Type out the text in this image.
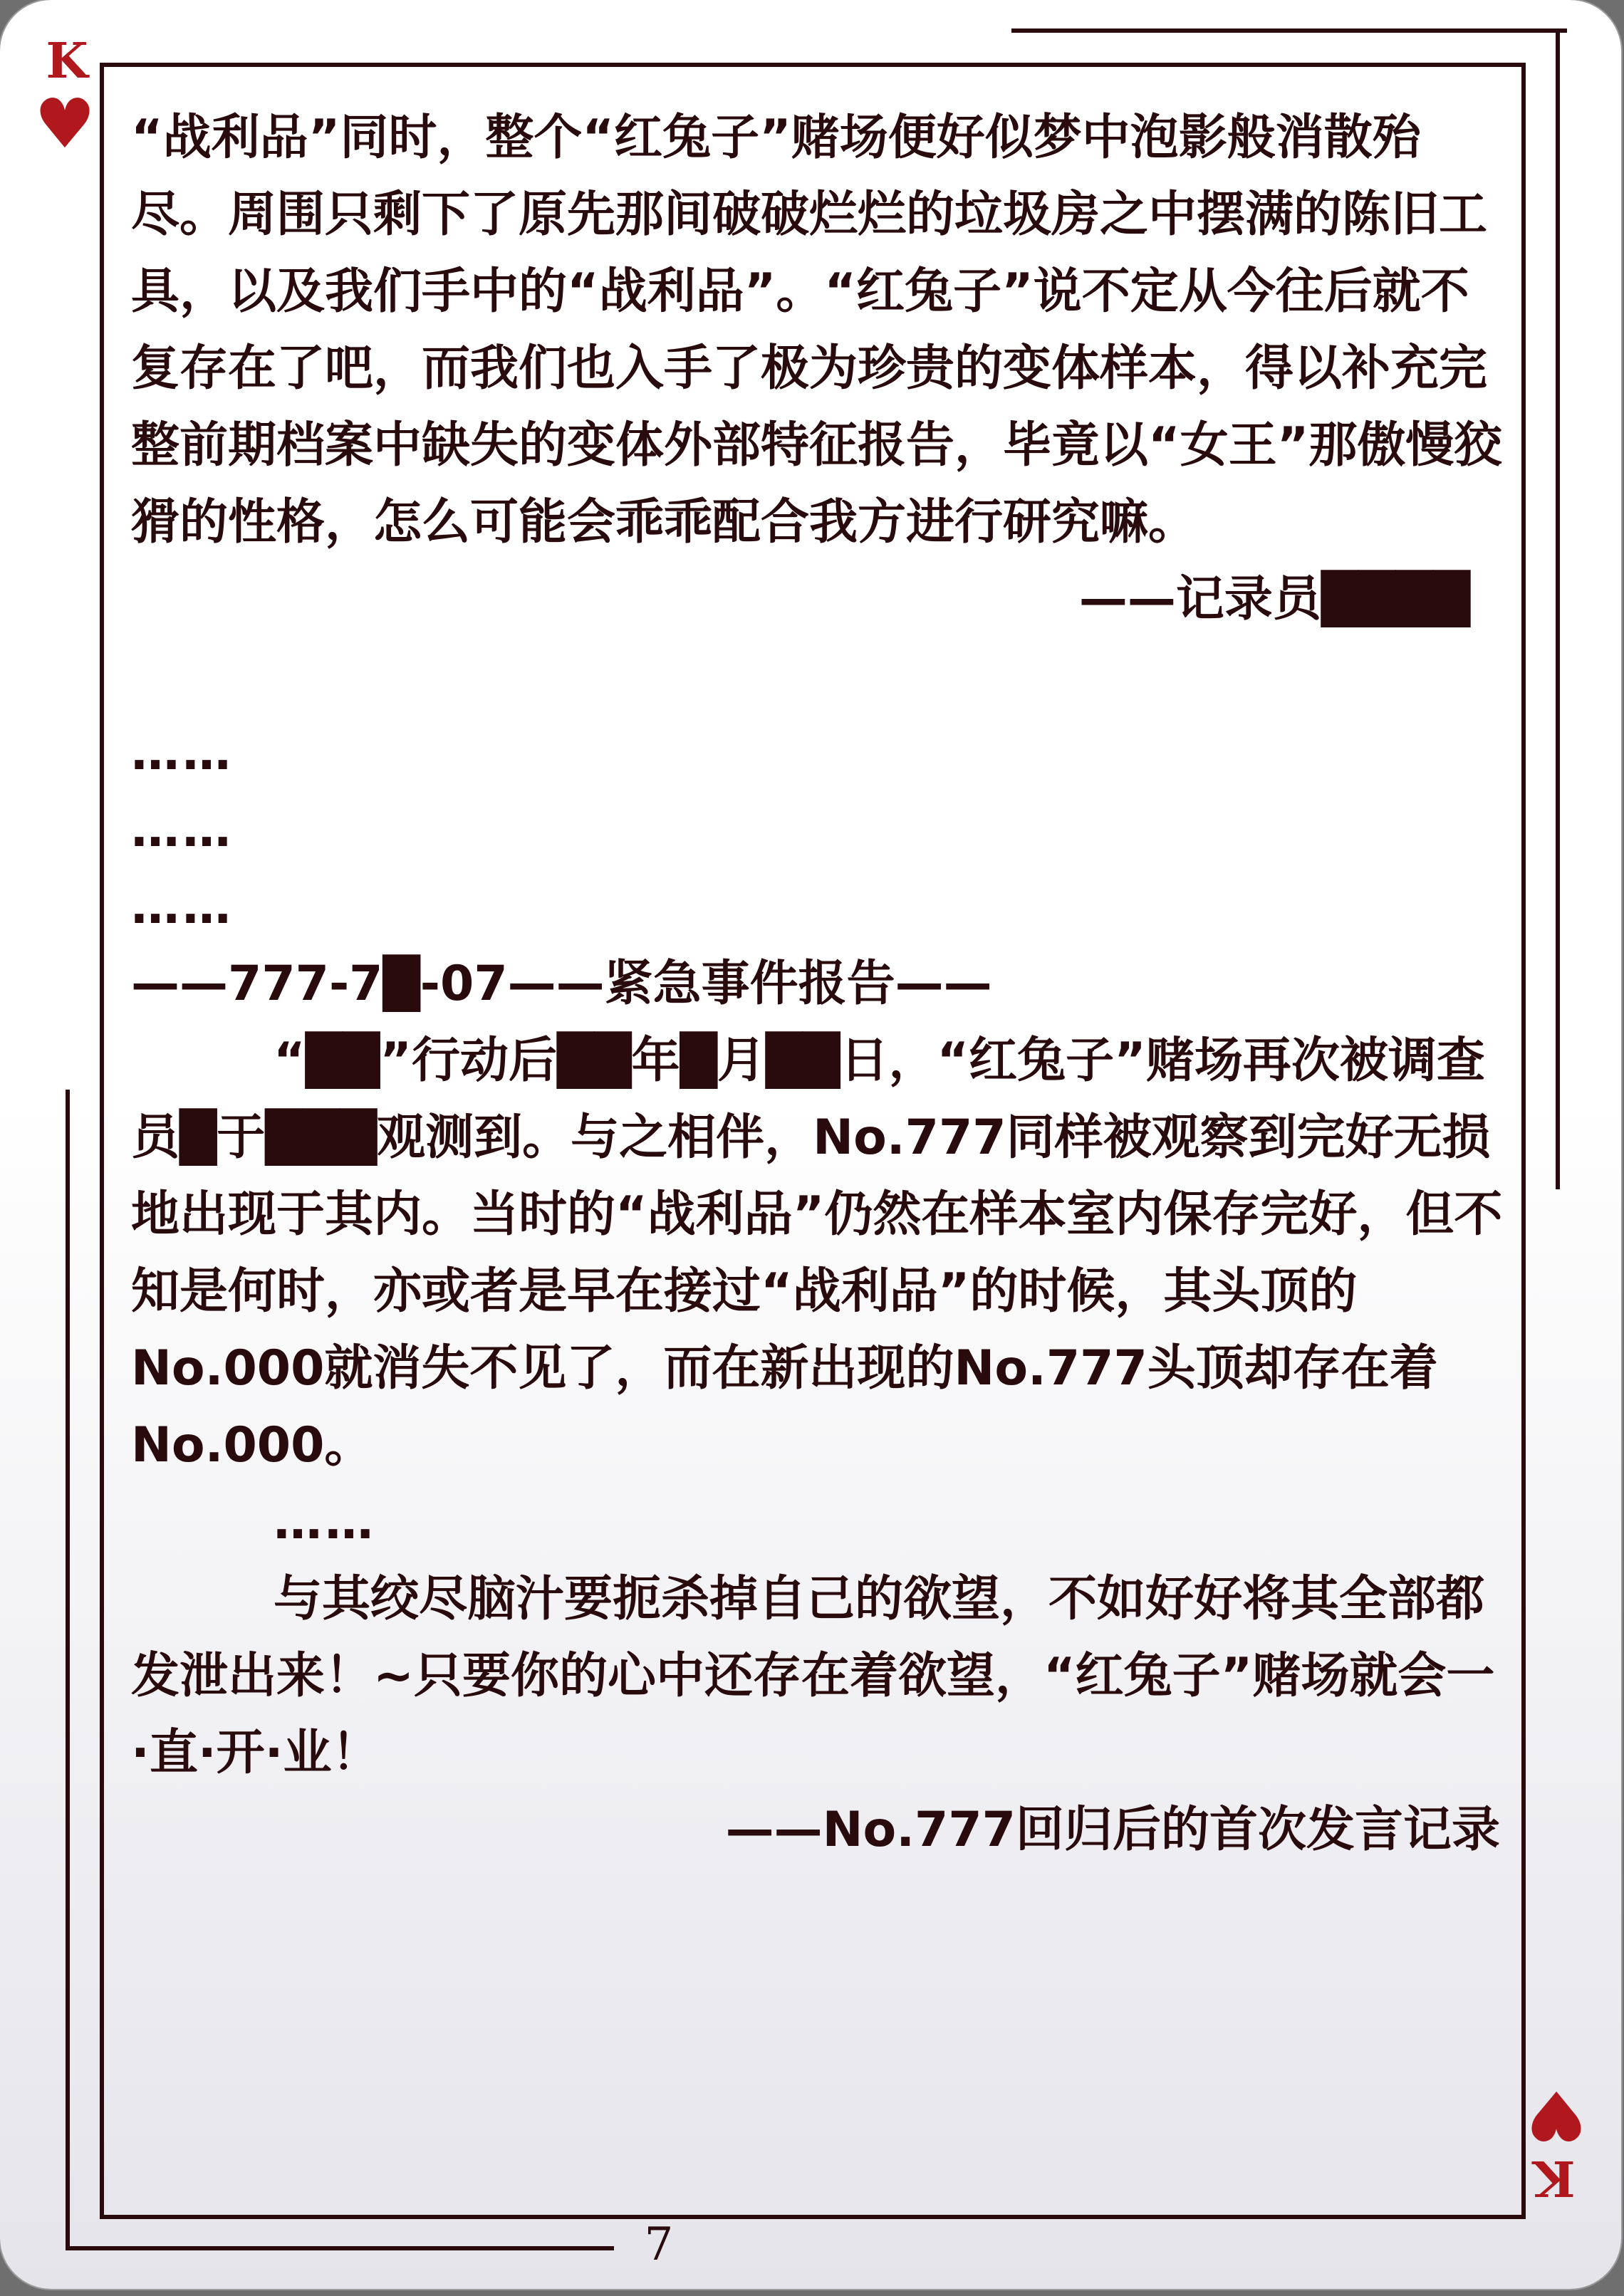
K
♥
K
♥

“战利品”同时，整个“红兔子”赌场便好似梦中泡影般消散殆尽。周围只剩下了原先那间破破烂烂的垃圾房之中摆满的陈旧工具，以及我们手中的“战利品”。“红兔子”说不定从今往后就不复存在了吧，而我们也入手了极为珍贵的变体样本，得以补充完整前期档案中缺失的变体外部特征报告，毕竟以“女王”那傲慢狡猾的性格，怎么可能会乖乖配合我方进行研究嘛。

——记录员████

……

……

……

——777-7█-07——紧急事件报告——

“██”行动后██年█月██日，“红兔子”赌场再次被调查员█于███观测到。与之相伴，No.777同样被观察到完好无损地出现于其内。当时的“战利品”仍然在样本室内保存完好，但不知是何时，亦或者是早在接过“战利品”的时候，其头顶的No.000就消失不见了，而在新出现的No.777头顶却存在着No.000。

……

与其绞尽脑汁要扼杀掉自己的欲望，不如好好将其全部都发泄出来！~只要你的心中还存在着欲望，“红兔子”赌场就会一·直·开·业！

——No.777回归后的首次发言记录

7
